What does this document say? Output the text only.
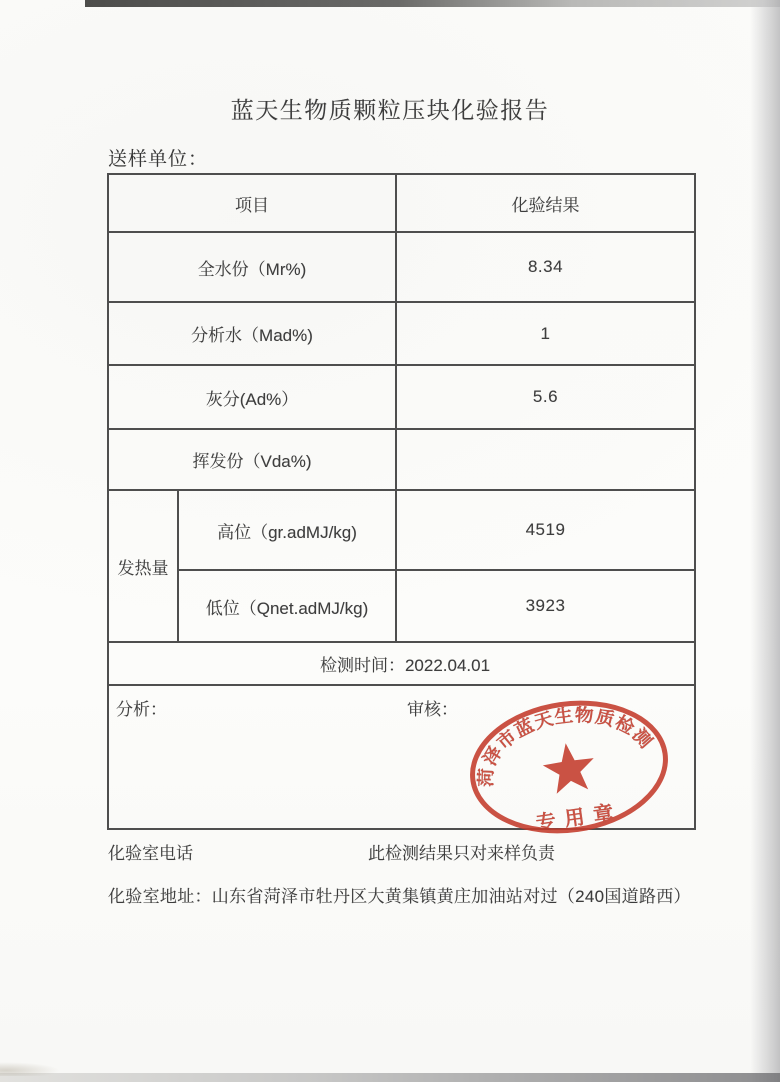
蓝天生物质颗粒压块化验报告
送样单位：
项目		化验结果
全水份（Mr%)		8.34
分析水（Mad%)		1
灰分(Ad%）		5.6
挥发份（Vda%)		
发热量	高位（gr.adMJ/kg)	4519
	低位（Qnet.adMJ/kg)	3923
检测时间：2022.04.01		

分析： 审核：
菏泽市蓝天生物质检测
专用章		
化验室电话	此检测结果只对来样负责
化验室地址：山东省菏泽市牡丹区大黄集镇黄庄加油站对过（240国道路西）
